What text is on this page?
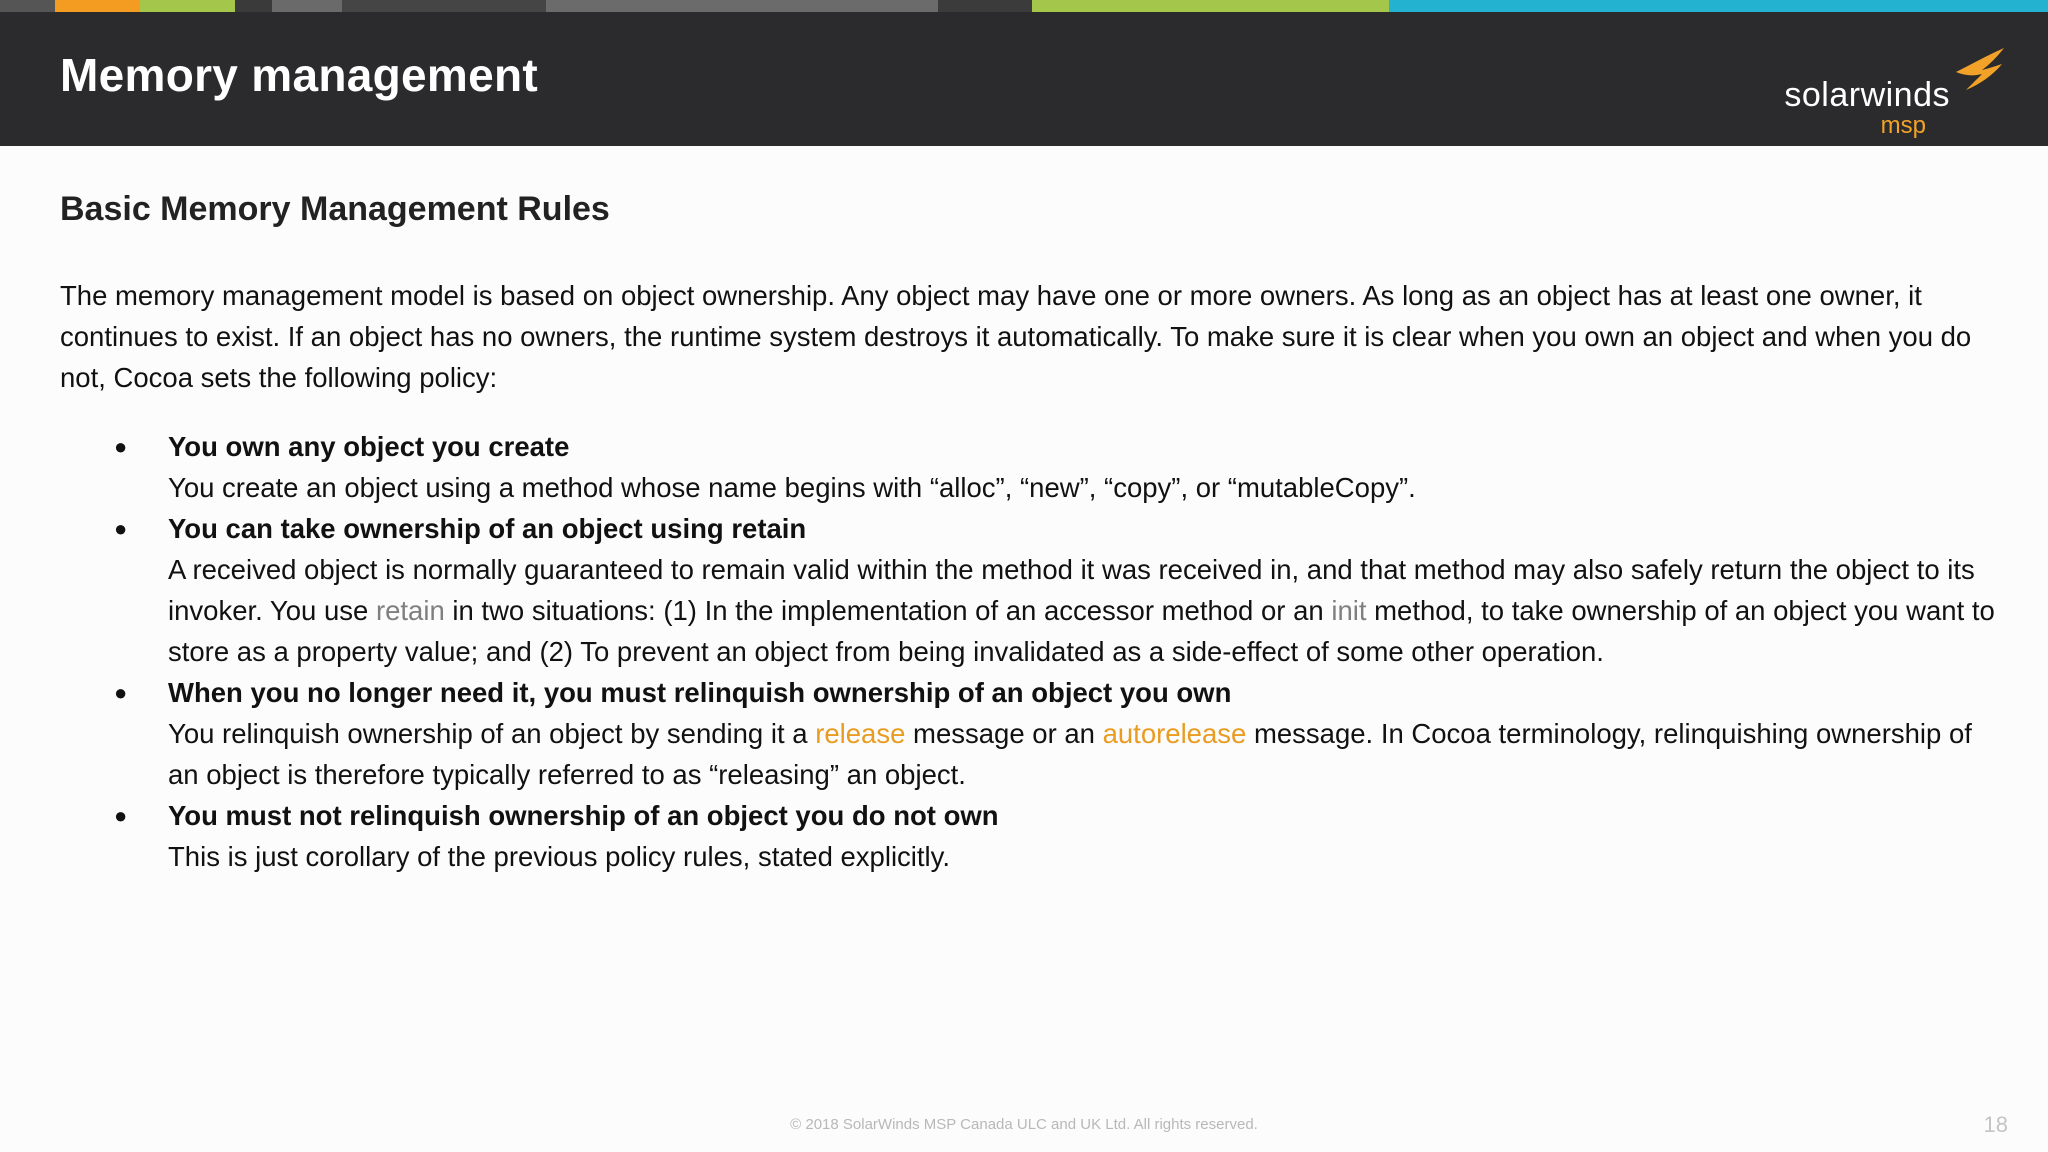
Memory management	solarwinds
msp
Basic Memory Management Rules

The memory management model is based on object ownership. Any object may have one or more owners. As long as an object has at least one owner, it continues to exist. If an object has no owners, the runtime system destroys it automatically. To make sure it is clear when you own an object and when you do not, Cocoa sets the following policy:

● You own any object you create
You create an object using a method whose name begins with “alloc”, “new”, “copy”, or “mutableCopy”.
● You can take ownership of an object using retain
A received object is normally guaranteed to remain valid within the method it was received in, and that method may also safely return the object to its invoker. You use retain in two situations: (1) In the implementation of an accessor method or an init method, to take ownership of an object you want to store as a property value; and (2) To prevent an object from being invalidated as a side-effect of some other operation.
● When you no longer need it, you must relinquish ownership of an object you own
You relinquish ownership of an object by sending it a release message or an autorelease message. In Cocoa terminology, relinquishing ownership of an object is therefore typically referred to as “releasing” an object.
● You must not relinquish ownership of an object you do not own
This is just corollary of the previous policy rules, stated explicitly.
© 2018 SolarWinds MSP Canada ULC and UK Ltd. All rights reserved.	18
